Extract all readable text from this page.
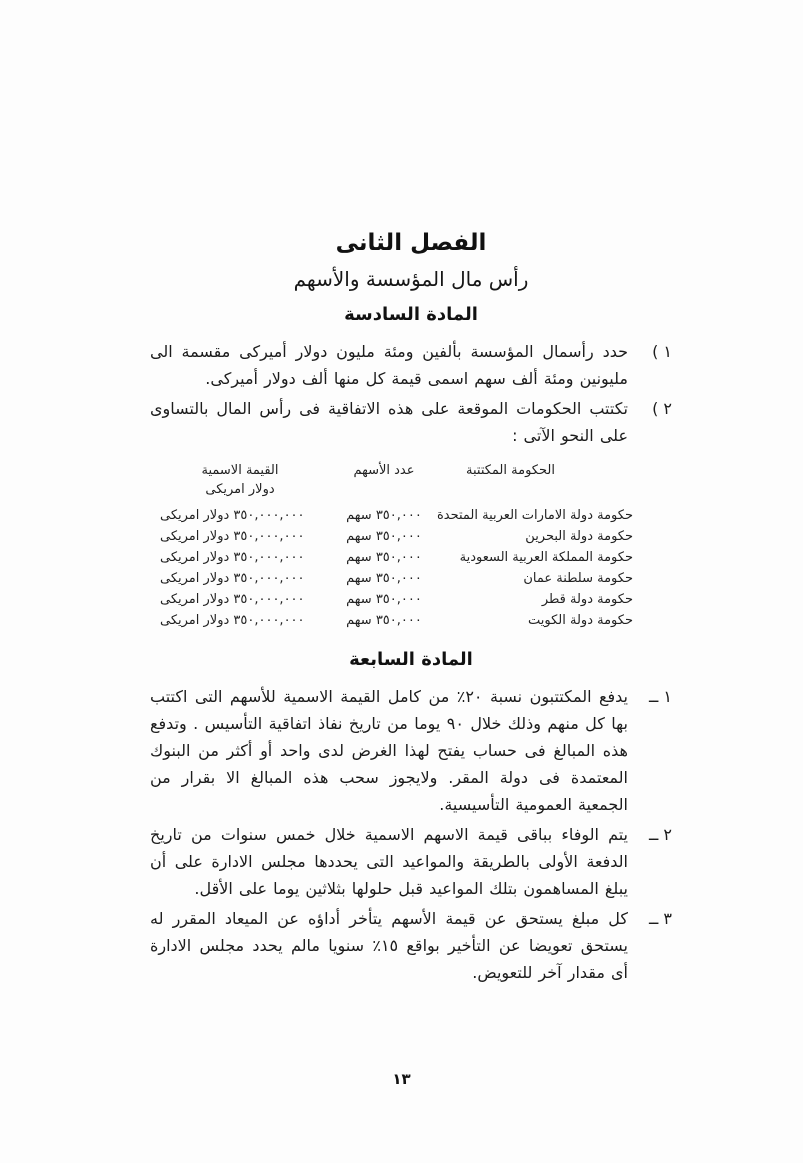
الفصل الثانى
رأس مال المؤسسة والأسهم
المادة السادسة
١ )
حدد رأسمال المؤسسة بألفين ومئة مليون دولار أميركى مقسمة الى مليونين ومئة ألف سهم اسمى قيمة كل منها ألف دولار أميركى.
٢ )
تكتتب الحكومات الموقعة على هذه الاتفاقية فى رأس المال بالتساوى على النحو الآتى :
الحكومة المكتتبة
عدد الأسهم
القيمة الاسمية
دولار امريكى
حكومة دولة الامارات العربية المتحدة
٣٥٠,٠٠٠ سهم
٣٥٠,٠٠٠,٠٠٠ دولار امريكى
حكومة دولة البحرين
٣٥٠,٠٠٠ سهم
٣٥٠,٠٠٠,٠٠٠ دولار امريكى
حكومة المملكة العربية السعودية
٣٥٠,٠٠٠ سهم
٣٥٠,٠٠٠,٠٠٠ دولار امريكى
حكومة سلطنة عمان
٣٥٠,٠٠٠ سهم
٣٥٠,٠٠٠,٠٠٠ دولار امريكى
حكومة دولة قطر
٣٥٠,٠٠٠ سهم
٣٥٠,٠٠٠,٠٠٠ دولار امريكى
حكومة دولة الكويت
٣٥٠,٠٠٠ سهم
٣٥٠,٠٠٠,٠٠٠ دولار امريكى
المادة السابعة
١ ــ
يدفع المكتتبون نسبة ٢٠٪ من كامل القيمة الاسمية للأسهم التى اكتتب بها كل منهم وذلك خلال ٩٠ يوما من تاريخ نفاذ اتفاقية التأسيس . وتدفع هذه المبالغ فى حساب يفتح لهذا الغرض لدى واحد أو أكثر من البنوك المعتمدة فى دولة المقر. ولايجوز سحب هذه المبالغ الا بقرار من الجمعية العمومية التأسيسية.
٢ ــ
يتم الوفاء بباقى قيمة الاسهم الاسمية خلال خمس سنوات من تاريخ الدفعة الأولى بالطريقة والمواعيد التى يحددها مجلس الادارة على أن يبلغ المساهمون بتلك المواعيد قبل حلولها بثلاثين يوما على الأقل.
٣ ــ
كل مبلغ يستحق عن قيمة الأسهم يتأخر أداؤه عن الميعاد المقرر له يستحق تعويضا عن التأخير بواقع ١٥٪ سنويا مالم يحدد مجلس الادارة أى مقدار آخر للتعويض.
١٣
